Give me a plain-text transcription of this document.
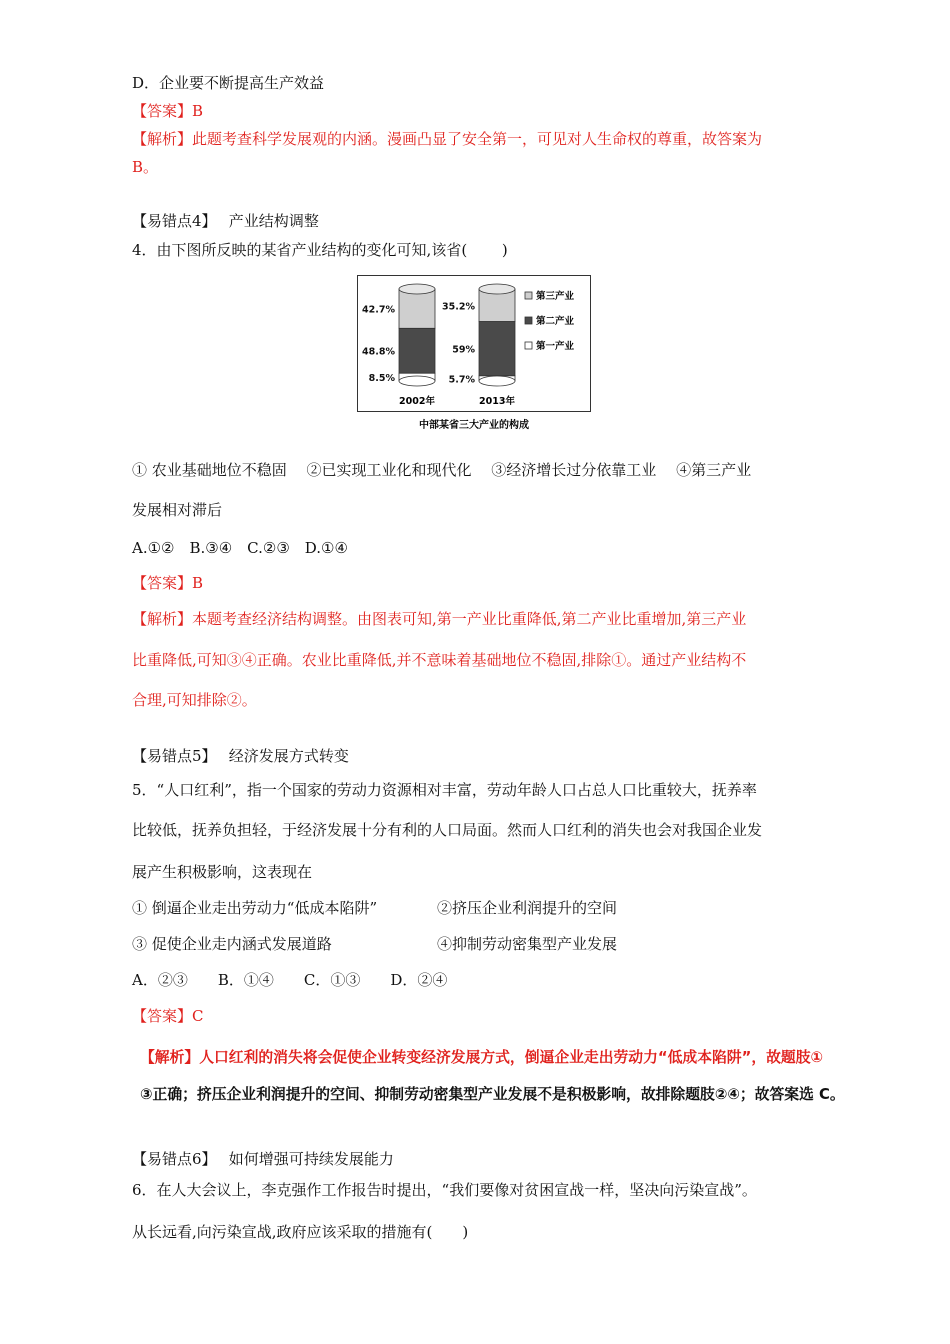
D．企业要不断提高生产效益
【答案】B
【解析】此题考查科学发展观的内涵。漫画凸显了安全第一，可见对人生命权的尊重，故答案为
B。
【易错点4】　 产业结构调整
4．由下图所反映的某省产业结构的变化可知,该省(　　 )
8.5%
48.8%
42.7%
2002年
5.7%
59%
35.2%
2013年
第三产业
第二产业
第一产业
中部某省三大产业的构成
① 农业基础地位不稳固　 ②已实现工业化和现代化　 ③经济增长过分依靠工业　 ④第三产业
发展相对滞后
A.①②　B.③④　C.②③　D.①④
【答案】B
【解析】本题考查经济结构调整。由图表可知,第一产业比重降低,第二产业比重增加,第三产业
比重降低,可知③④正确。农业比重降低,并不意味着基础地位不稳固,排除①。通过产业结构不
合理,可知排除②。
【易错点5】　 经济发展方式转变
5．“人口红利”，指一个国家的劳动力资源相对丰富，劳动年龄人口占总人口比重较大，抚养率
比较低，抚养负担轻，于经济发展十分有利的人口局面。然而人口红利的消失也会对我国企业发
展产生积极影响，这表现在
① 倒逼企业走出劳动力“低成本陷阱”	②挤压企业利润提升的空间
③ 促使企业走内涵式发展道路	④抑制劳动密集型产业发展
A．②③　　B．①④　　C．①③　　D．②④
【答案】C
【解析】人口红利的消失将会促使企业转变经济发展方式，倒逼企业走出劳动力“低成本陷阱”，故题肢①
③正确；挤压企业利润提升的空间、抑制劳动密集型产业发展不是积极影响，故排除题肢②④；故答案选 C。
【易错点6】　 如何增强可持续发展能力
6．在人大会议上，李克强作工作报告时提出，“我们要像对贫困宣战一样，坚决向污染宣战”。
从长远看,向污染宣战,政府应该采取的措施有(　　)
